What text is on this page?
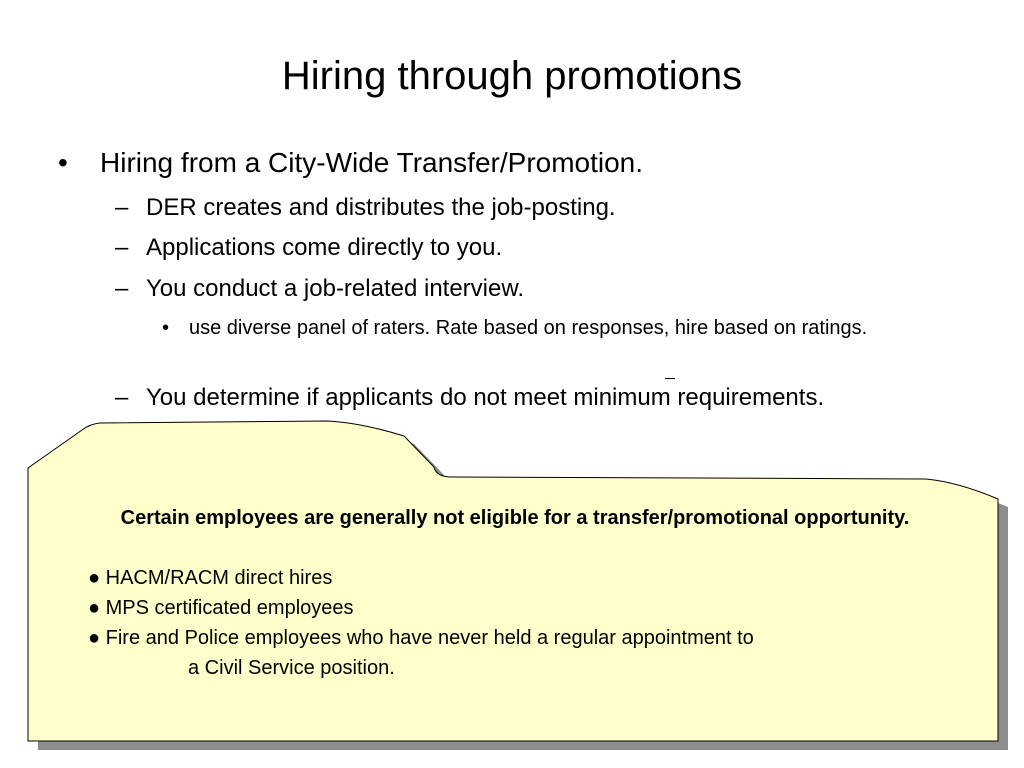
Hiring through promotions
•	Hiring from a City-Wide Transfer/Promotion.
– DER creates and distributes the job-posting.
– Applications come directly to you.
– You conduct a job-related interview.
• use diverse panel of raters. Rate based on responses, hire based on ratings.
– You determine if applicants do not meet minimum requirements.
Certain employees are generally not eligible for a transfer/promotional opportunity.
● HACM/RACM direct hires
● MPS certificated employees
● Fire and Police employees who have never held a regular appointment to
a Civil Service position.
